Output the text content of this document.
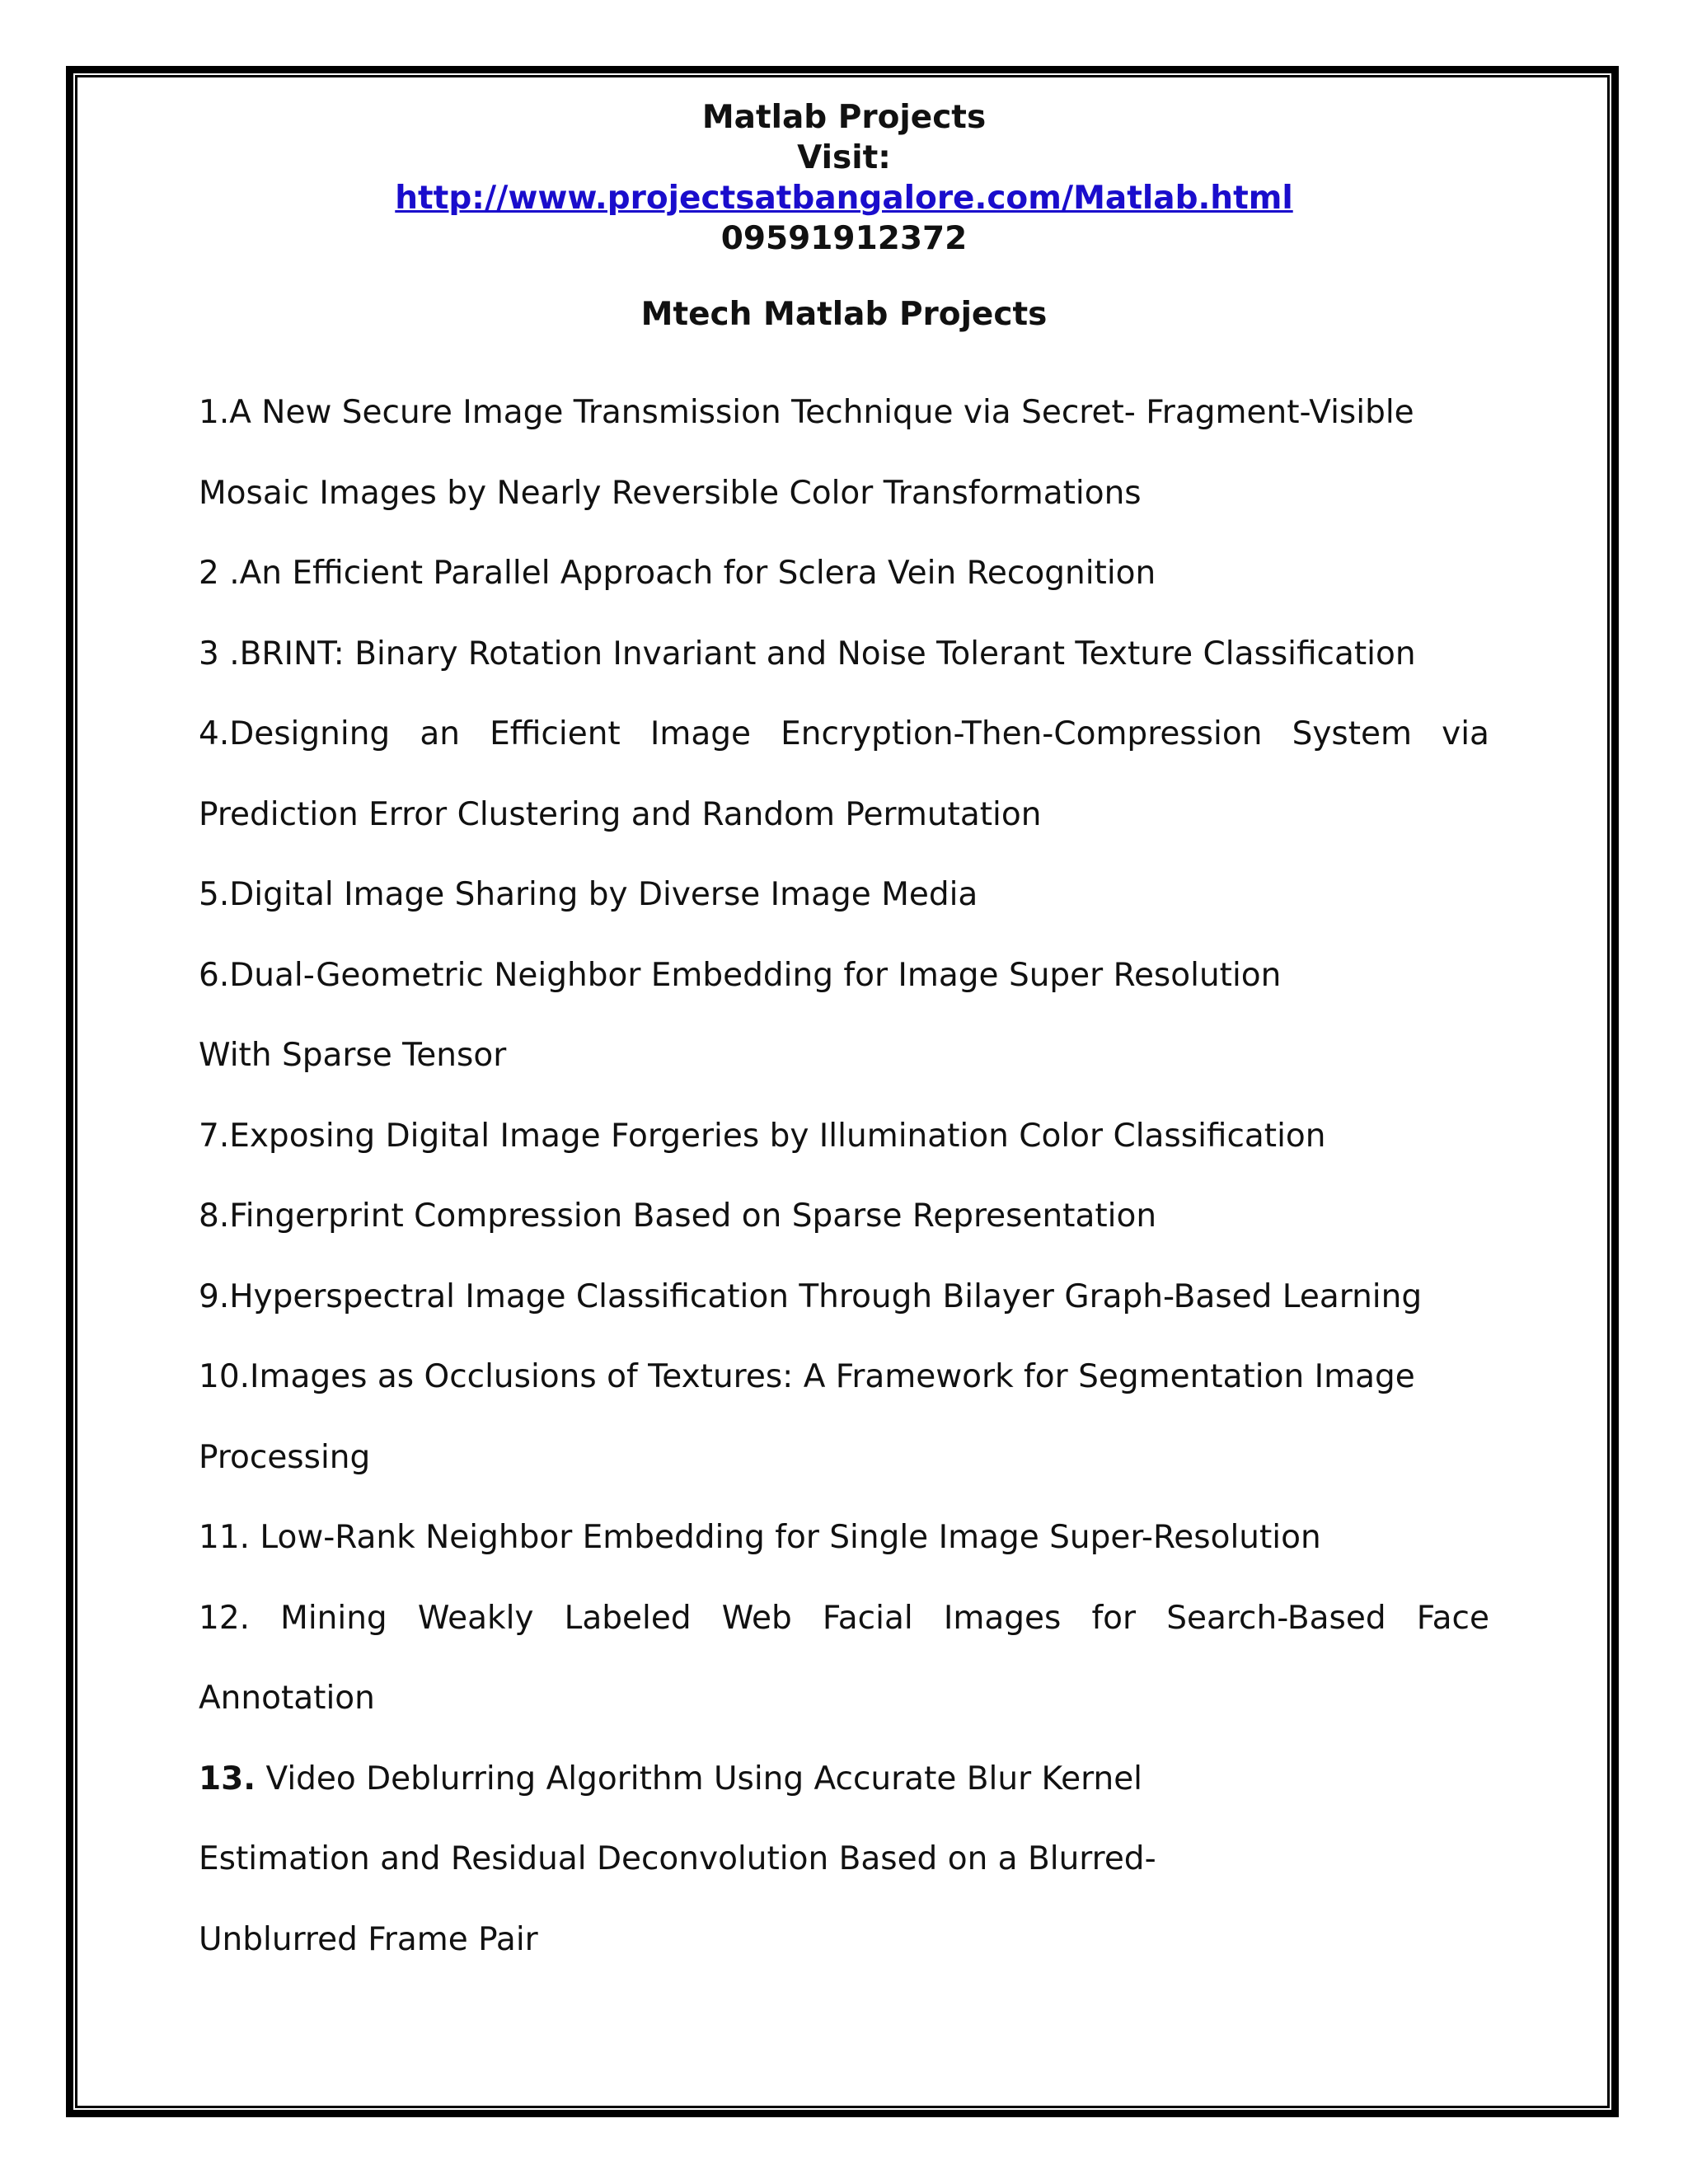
Matlab Projects
Visit:
http://www.projectsatbangalore.com/Matlab.html
09591912372
Mtech Matlab Projects
1.A New Secure Image Transmission Technique via Secret- Fragment-Visible
Mosaic Images by Nearly Reversible Color Transformations
2 .An Efficient Parallel Approach for Sclera Vein Recognition
3 .BRINT: Binary Rotation Invariant and Noise Tolerant Texture Classification
4.Designing an Efficient Image Encryption-Then-Compression System via
Prediction Error Clustering and Random Permutation
5.Digital Image Sharing by Diverse Image Media
6.Dual-Geometric Neighbor Embedding for Image Super Resolution
With Sparse Tensor
7.Exposing Digital Image Forgeries by Illumination Color Classification
8.Fingerprint Compression Based on Sparse Representation
9.Hyperspectral Image Classification Through Bilayer Graph-Based Learning
10.Images as Occlusions of Textures: A Framework for Segmentation Image
Processing
11. Low-Rank Neighbor Embedding for Single Image Super-Resolution
12. Mining Weakly Labeled Web Facial Images for Search-Based Face
Annotation
13. Video Deblurring Algorithm Using Accurate Blur Kernel
Estimation and Residual Deconvolution Based on a Blurred-
Unblurred Frame Pair
